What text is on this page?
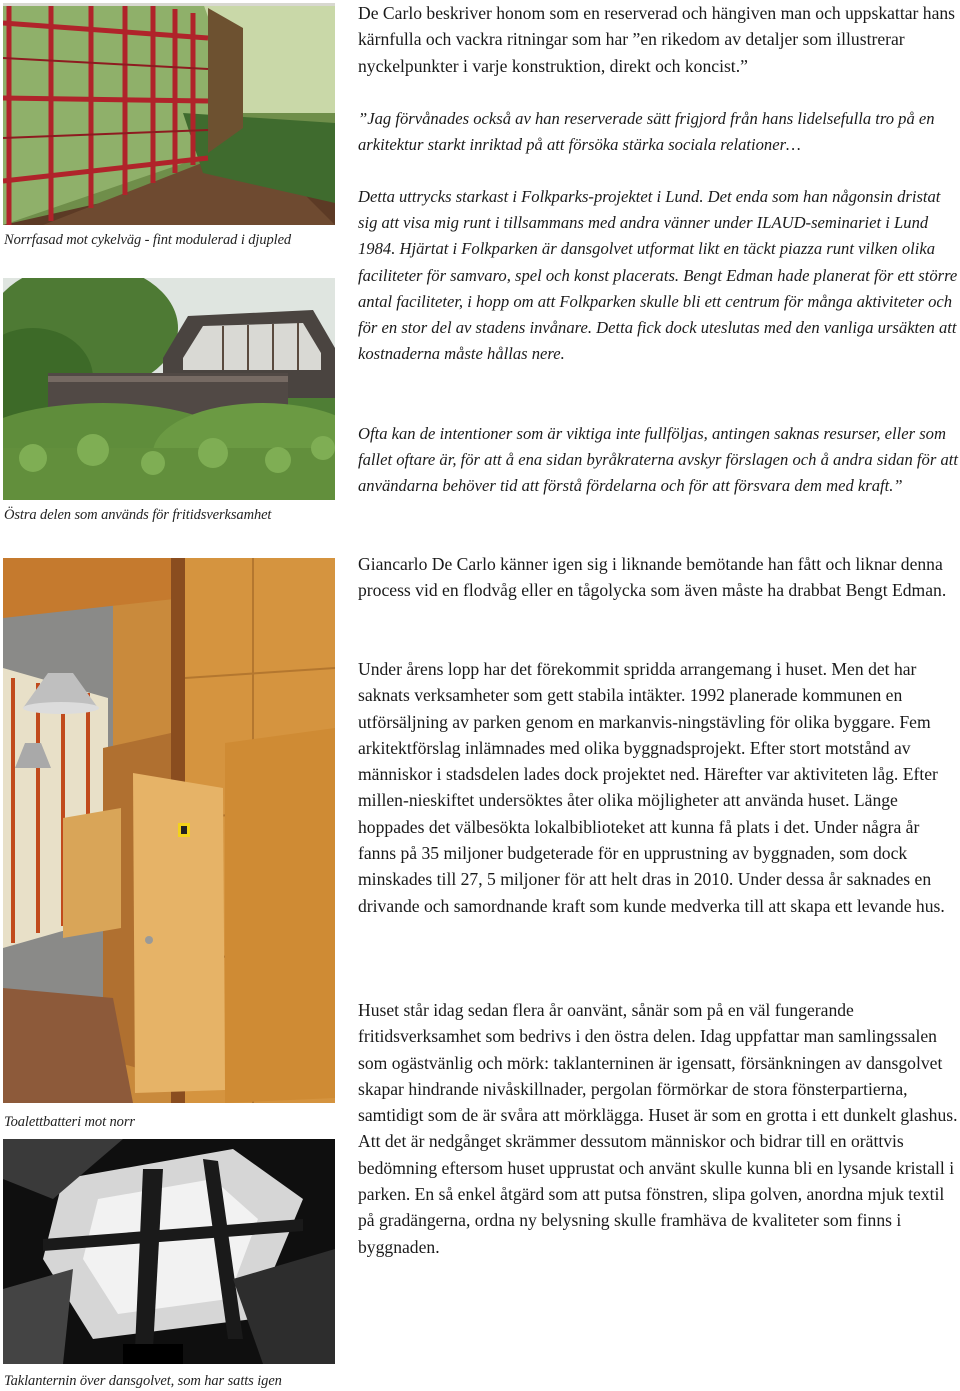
Norrfasad mot cykelväg - fint modulerad i djupled
Östra delen som används för fritidsverksamhet
Toalettbatteri mot norr
Taklanternin över dansgolvet, som har satts igen

De Carlo beskriver honom som en reserverad och hängiven man och uppskattar hans kärnfulla och vackra ritningar som har ”en rikedom av detaljer som illustrerar nyckelpunkter i varje konstruktion, direkt och koncist.”

”Jag förvånades också av han reserverade sätt frigjord från hans lidelsefulla tro på en arkitektur starkt inriktad på att försöka stärka sociala relationer…

Detta uttrycks starkast i Folkparks-projektet i Lund. Det enda som han någonsin dristat sig att visa mig runt i tillsammans med andra vänner under ILAUD-seminariet i Lund 1984. Hjärtat i Folkparken är dansgolvet utformat likt en täckt piazza runt vilken olika faciliteter för samvaro, spel och konst placerats. Bengt Edman hade planerat för ett större antal faciliteter, i hopp om att Folkparken skulle bli ett centrum för många aktiviteter och för en stor del av stadens invånare. Detta fick dock uteslutas med den vanliga ursäkten att kostnaderna måste hållas nere.

Ofta kan de intentioner som är viktiga inte fullföljas, antingen saknas resurser, eller som fallet oftare är, för att å ena sidan byråkraterna avskyr förslagen och å andra sidan för att användarna behöver tid att förstå fördelarna och för att försvara dem med kraft.”

Giancarlo De Carlo känner igen sig i liknande bemötande han fått och liknar denna process vid en flodvåg eller en tågolycka som även måste ha drabbat Bengt Edman.

Under årens lopp har det förekommit spridda arrangemang i huset. Men det har saknats verksamheter som gett stabila intäkter. 1992 planerade kommunen en utförsäljning av parken genom en markanvis-ningstävling för olika byggare. Fem arkitektförslag inlämnades med olika byggnadsprojekt. Efter stort motstånd av människor i stadsdelen lades dock projektet ned. Härefter var aktiviteten låg. Efter millen-nieskiftet undersöktes åter olika möjligheter att använda huset. Länge hoppades det välbesökta lokalbiblioteket att kunna få plats i det. Under några år fanns på 35 miljoner budgeterade för en upprustning av byggnaden, som dock minskades till 27, 5 miljoner för att helt dras in 2010. Under dessa år saknades en drivande och samordnande kraft som kunde medverka till att skapa ett levande hus.

Huset står idag sedan flera år oanvänt, sånär som på en väl fungerande fritidsverksamhet som bedrivs i den östra delen. Idag uppfattar man samlingssalen som ogästvänlig och mörk: taklanterninen är igensatt, försänkningen av dansgolvet skapar hindrande nivåskillnader, pergolan förmörkar de stora fönsterpartierna, samtidigt som de är svåra att mörklägga. Huset är som en grotta i ett dunkelt glashus. Att det är nedgånget skrämmer dessutom människor och bidrar till en orättvis bedömning eftersom huset upprustat och använt skulle kunna bli en lysande kristall i parken. En så enkel åtgärd som att putsa fönstren, slipa golven, anordna mjuk textil på gradängerna, ordna ny belysning skulle framhäva de kvaliteter som finns i byggnaden.
